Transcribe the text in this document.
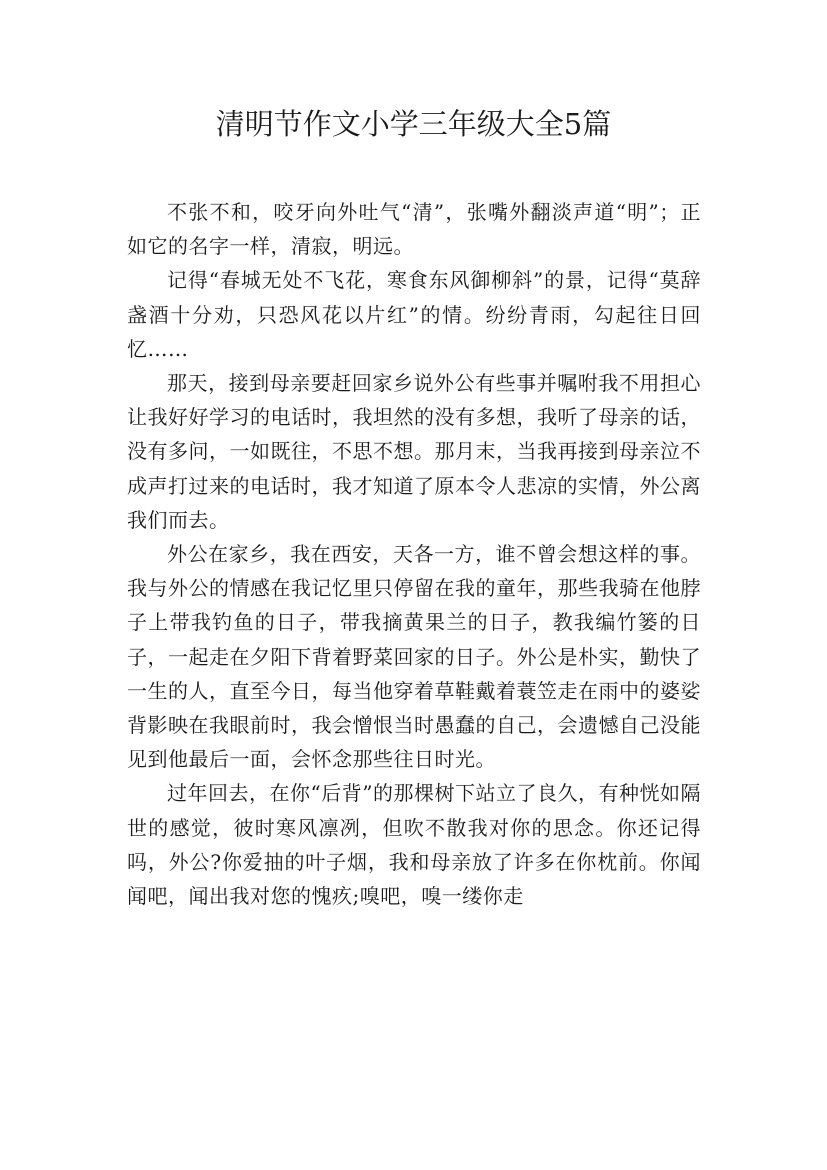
清明节作文小学三年级大全5篇

不张不和，咬牙向外吐气“清”，张嘴外翻淡声道“明”；正如它的名字一样，清寂，明远。

记得“春城无处不飞花，寒食东风御柳斜”的景，记得“莫辞盏酒十分劝，只恐风花以片红”的情。纷纷青雨，勾起往日回忆……

那天，接到母亲要赶回家乡说外公有些事并嘱咐我不用担心让我好好学习的电话时，我坦然的没有多想，我听了母亲的话，没有多问，一如既往，不思不想。那月末，当我再接到母亲泣不成声打过来的电话时，我才知道了原本令人悲凉的实情，外公离我们而去。

外公在家乡，我在西安，天各一方，谁不曾会想这样的事。我与外公的情感在我记忆里只停留在我的童年，那些我骑在他脖子上带我钓鱼的日子，带我摘黄果兰的日子，教我编竹篓的日子，一起走在夕阳下背着野菜回家的日子。外公是朴实，勤快了一生的人，直至今日，每当他穿着草鞋戴着蓑笠走在雨中的婆娑背影映在我眼前时，我会憎恨当时愚蠢的自己，会遗憾自己没能见到他最后一面，会怀念那些往日时光。

过年回去，在你“后背”的那棵树下站立了良久，有种恍如隔世的感觉，彼时寒风凛冽，但吹不散我对你的思念。你还记得吗，外公?你爱抽的叶子烟，我和母亲放了许多在你枕前。你闻闻吧，闻出我对您的愧疚;嗅吧，嗅一缕你走
